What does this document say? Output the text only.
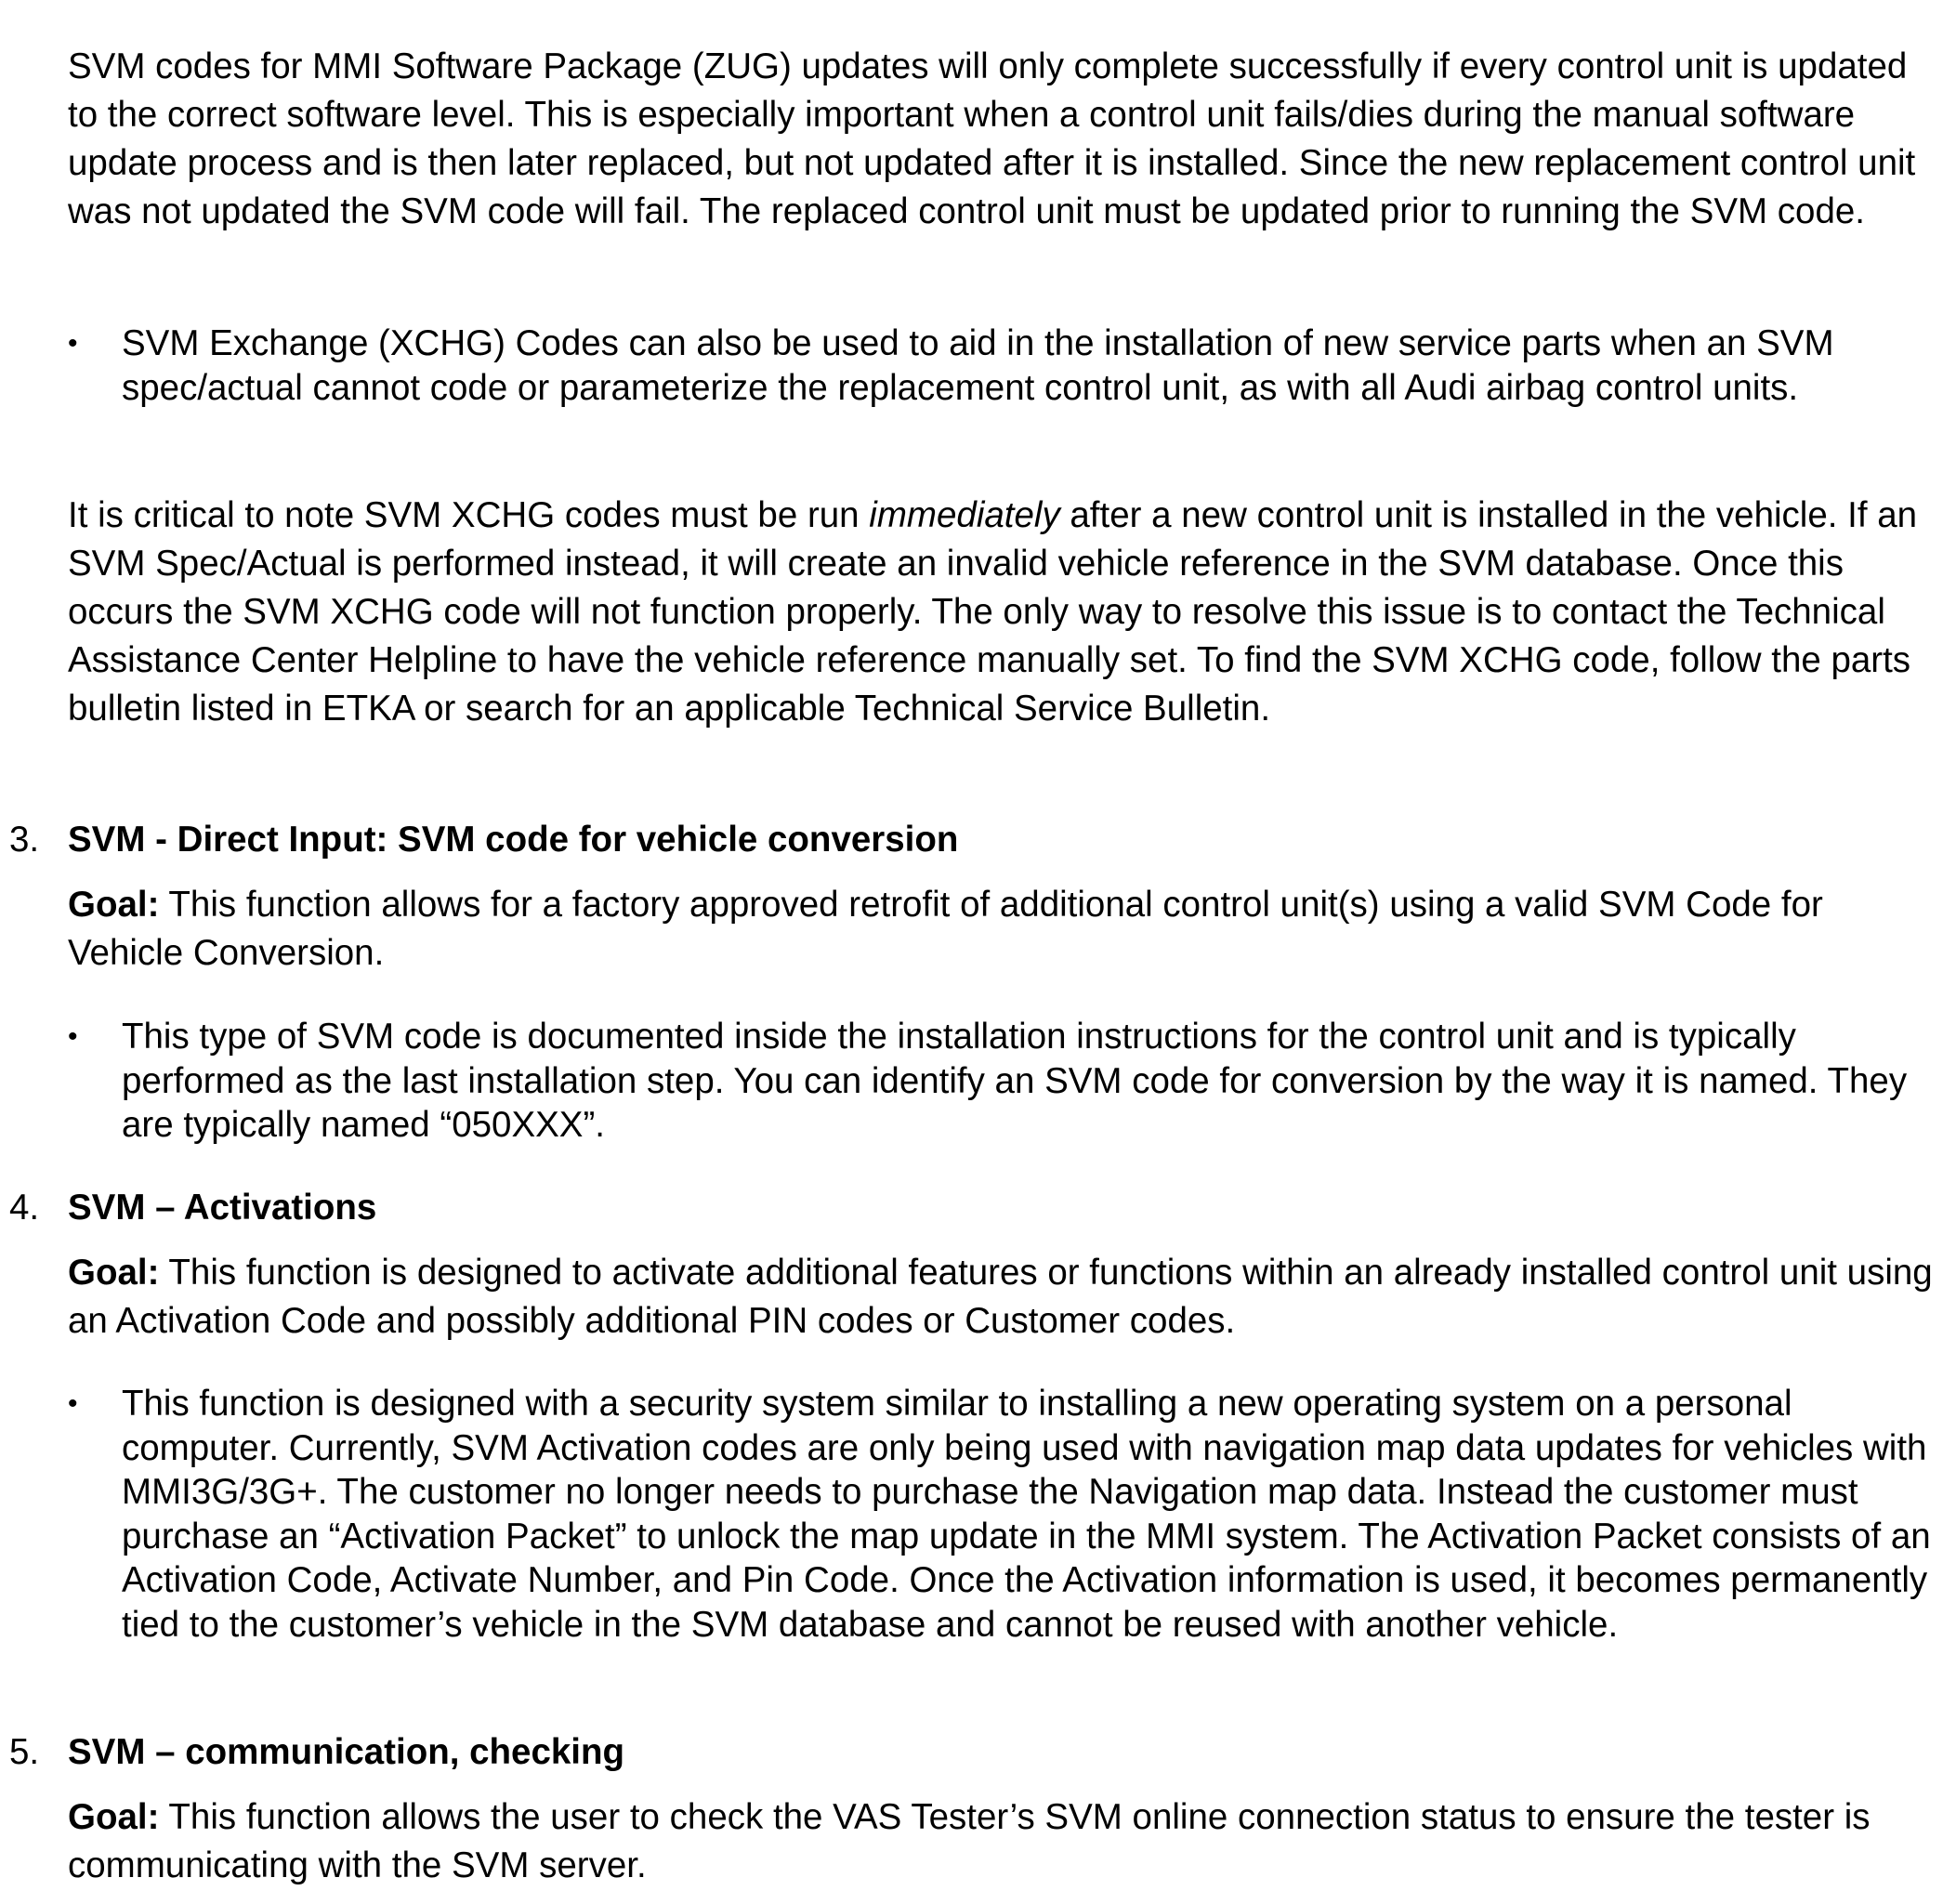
SVM codes for MMI Software Package (ZUG) updates will only complete successfully if every control unit is updated to the correct software level. This is especially important when a control unit fails/dies during the manual software update process and is then later replaced, but not updated after it is installed. Since the new replacement control unit was not updated the SVM code will fail. The replaced control unit must be updated prior to running the SVM code.

•	SVM Exchange (XCHG) Codes can also be used to aid in the installation of new service parts when an SVM spec/actual cannot code or parameterize the replacement control unit, as with all Audi airbag control units.

It is critical to note SVM XCHG codes must be run immediately after a new control unit is installed in the vehicle. If an SVM Spec/Actual is performed instead, it will create an invalid vehicle reference in the SVM database. Once this occurs the SVM XCHG code will not function properly. The only way to resolve this issue is to contact the Technical Assistance Center Helpline to have the vehicle reference manually set. To find the SVM XCHG code, follow the parts bulletin listed in ETKA or search for an applicable Technical Service Bulletin.

3. SVM - Direct Input: SVM code for vehicle conversion

Goal: This function allows for a factory approved retrofit of additional control unit(s) using a valid SVM Code for Vehicle Conversion.

•	This type of SVM code is documented inside the installation instructions for the control unit and is typically performed as the last installation step. You can identify an SVM code for conversion by the way it is named. They are typically named “050XXX”.
4. SVM – Activations

Goal: This function is designed to activate additional features or functions within an already installed control unit using an Activation Code and possibly additional PIN codes or Customer codes.

•	This function is designed with a security system similar to installing a new operating system on a personal computer. Currently, SVM Activation codes are only being used with navigation map data updates for vehicles with MMI3G/3G+. The customer no longer needs to purchase the Navigation map data. Instead the customer must purchase an “Activation Packet” to unlock the map update in the MMI system. The Activation Packet consists of an Activation Code, Activate Number, and Pin Code. Once the Activation information is used, it becomes permanently tied to the customer’s vehicle in the SVM database and cannot be reused with another vehicle.
5. SVM – communication, checking

Goal: This function allows the user to check the VAS Tester’s SVM online connection status to ensure the tester is communicating with the SVM server.
